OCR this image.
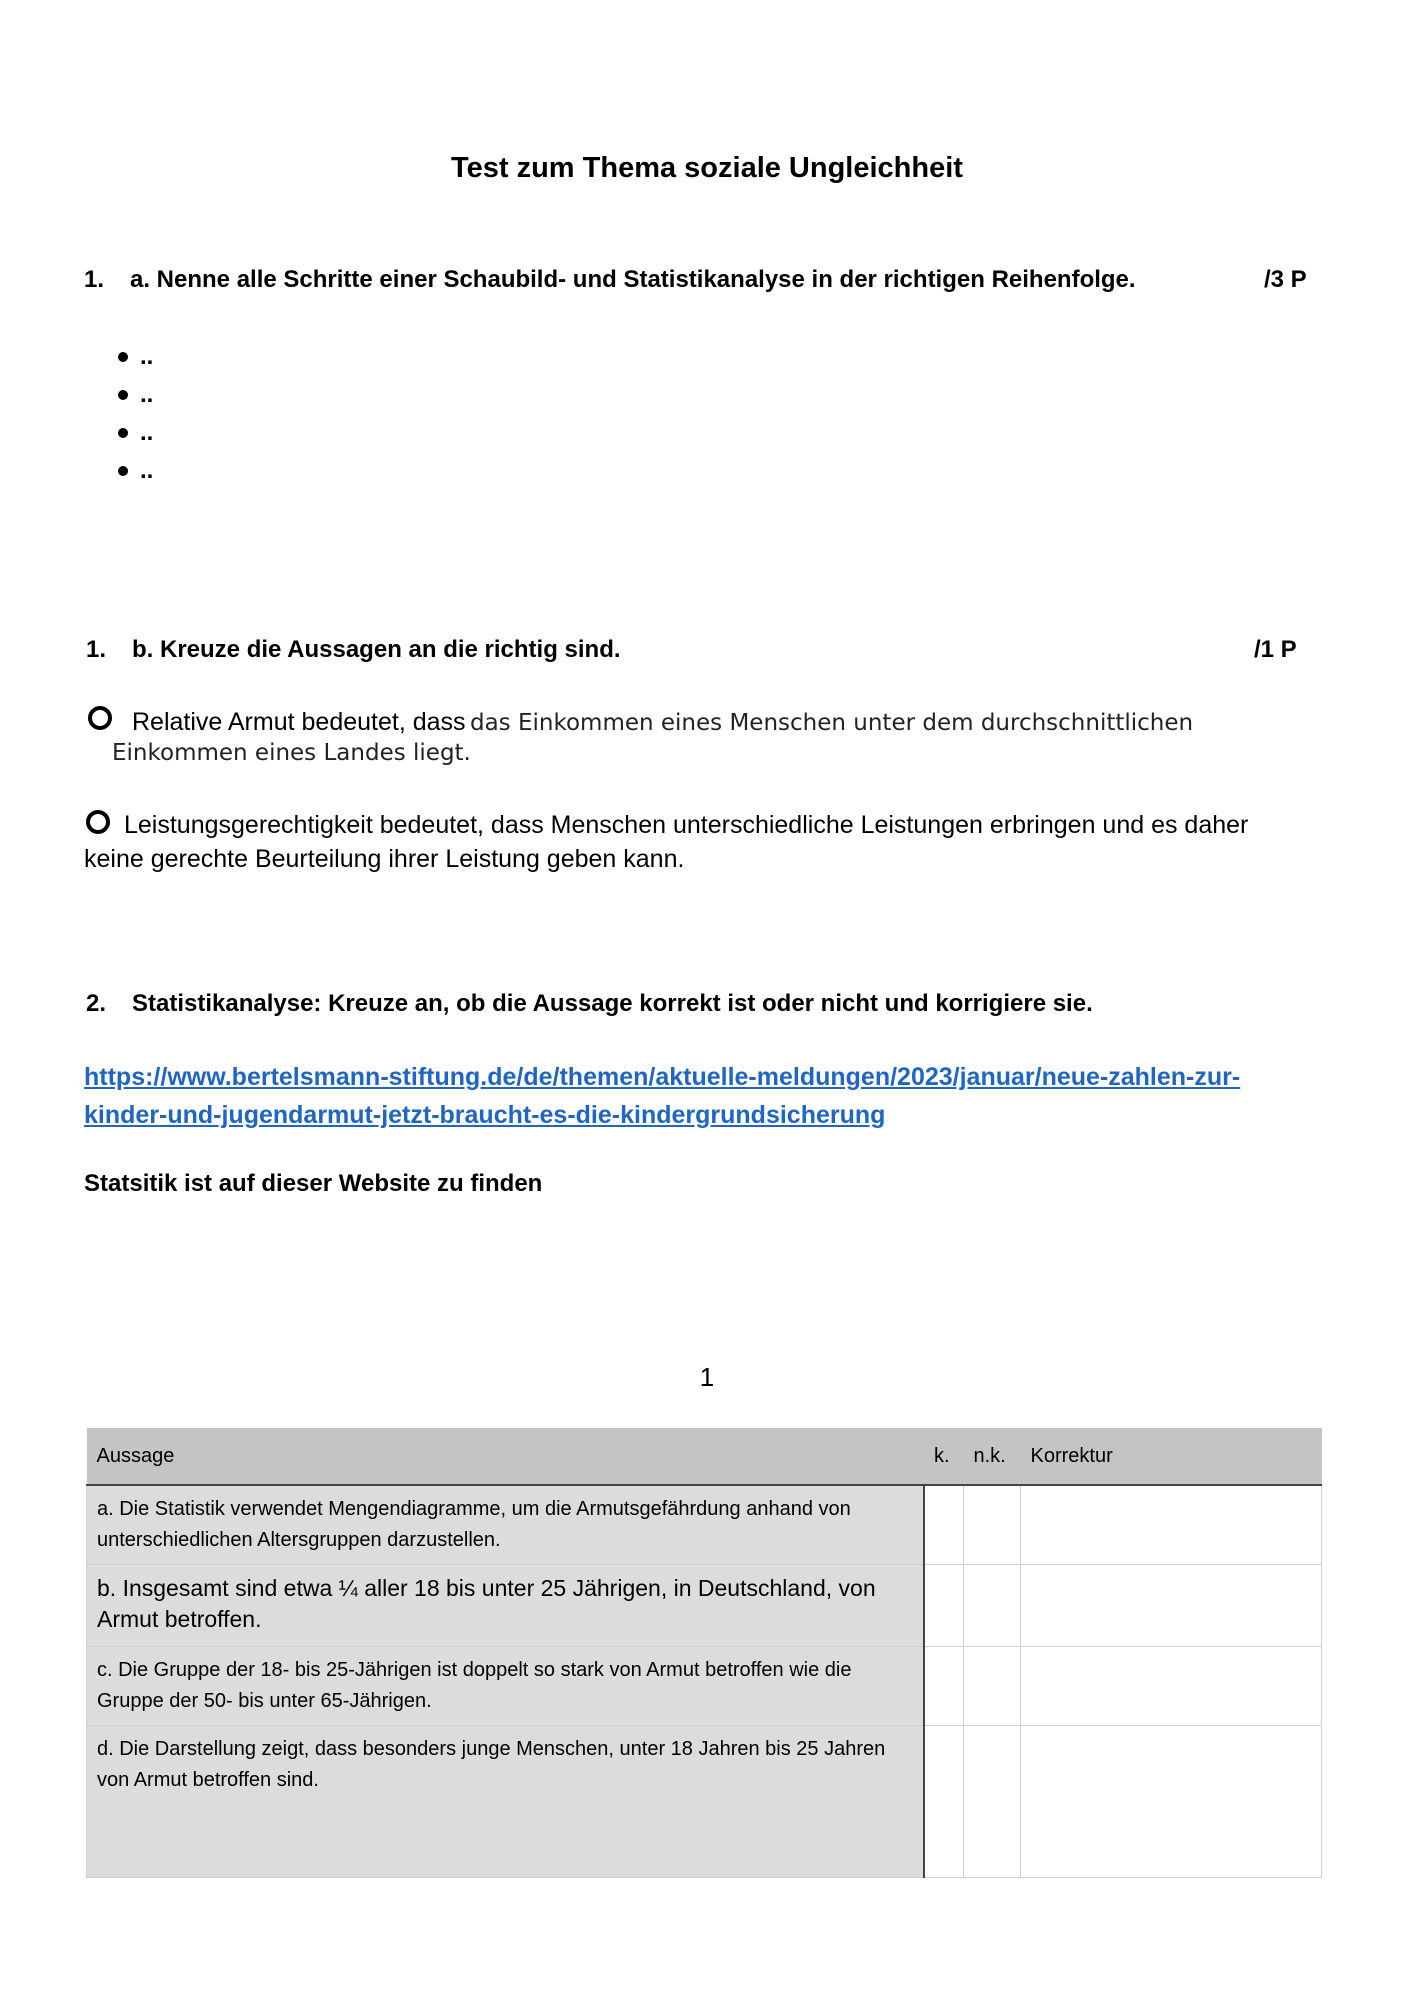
Test zum Thema soziale Ungleichheit
1. a. Nenne alle Schritte einer Schaubild- und Statistikanalyse in der richtigen Reihenfolge.	/3 P
..
..
..
..
1. b. Kreuze die Aussagen an die richtig sind.	/1 P
Relative Armut bedeutet, dass das Einkommen eines Menschen unter dem durchschnittlichen
Einkommen eines Landes liegt.
Leistungsgerechtigkeit bedeutet, dass Menschen unterschiedliche Leistungen erbringen und es daher
keine gerechte Beurteilung ihrer Leistung geben kann.
2. Statistikanalyse: Kreuze an, ob die Aussage korrekt ist oder nicht und korrigiere sie.
https://www.bertelsmann-stiftung.de/de/themen/aktuelle-meldungen/2023/januar/neue-zahlen-zur-
kinder-und-jugendarmut-jetzt-braucht-es-die-kindergrundsicherung
Statsitik ist auf dieser Website zu finden
1
Aussage	k.	n.k.	Korrektur
a. Die Statistik verwendet Mengendiagramme, um die Armutsgefährdung anhand von unterschiedlichen Altersgruppen darzustellen.			
b. Insgesamt sind etwa ¼ aller 18 bis unter 25 Jährigen, in Deutschland, von Armut betroffen.			
c. Die Gruppe der 18- bis 25-Jährigen ist doppelt so stark von Armut betroffen wie die Gruppe der 50- bis unter 65-Jährigen.			
d. Die Darstellung zeigt, dass besonders junge Menschen, unter 18 Jahren bis 25 Jahren von Armut betroffen sind.			
